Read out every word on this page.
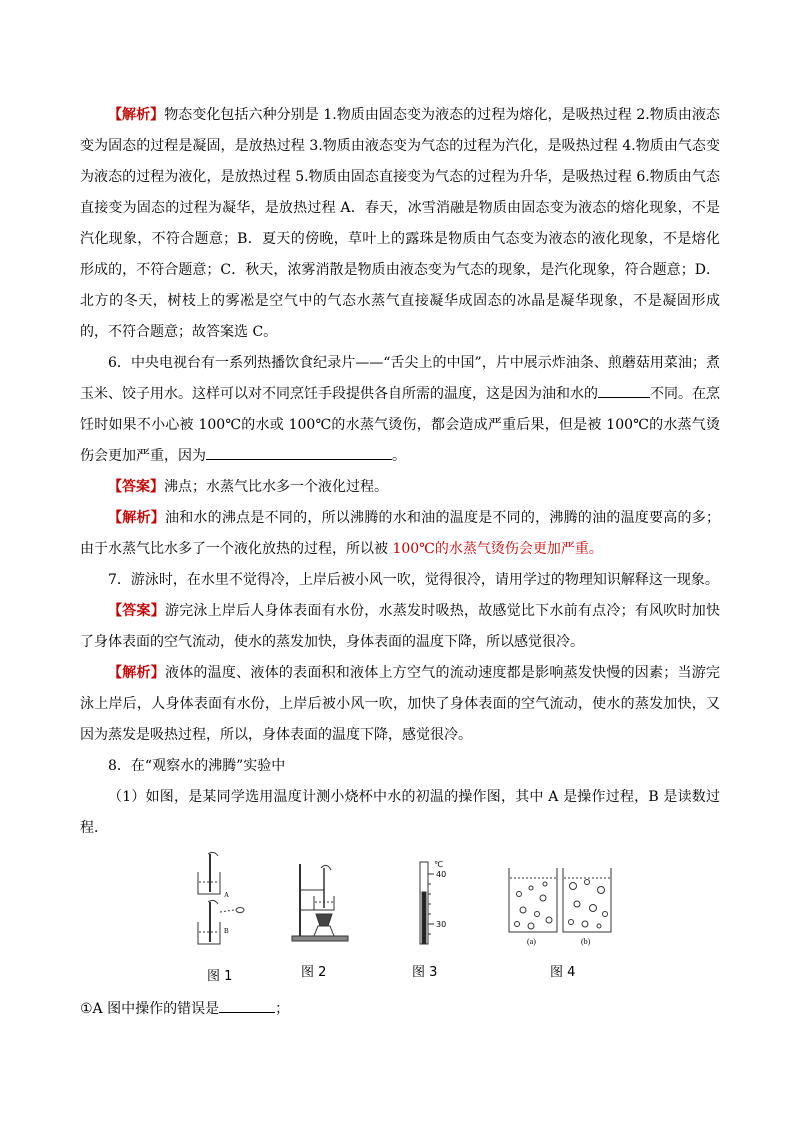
【解析】物态变化包括六种分别是 1.物质由固态变为液态的过程为熔化，是吸热过程 2.物质由液态变为固态的过程是凝固，是放热过程 3.物质由液态变为气态的过程为汽化，是吸热过程 4.物质由气态变为液态的过程为液化，是放热过程 5.物质由固态直接变为气态的过程为升华，是吸热过程 6.物质由气态直接变为固态的过程为凝华，是放热过程 A．春天，冰雪消融是物质由固态变为液态的熔化现象，不是汽化现象，不符合题意；B．夏天的傍晚，草叶上的露珠是物质由气态变为液态的液化现象，不是熔化形成的，不符合题意；C．秋天，浓雾消散是物质由液态变为气态的现象，是汽化现象，符合题意；D．北方的冬天，树枝上的雾凇是空气中的气态水蒸气直接凝华成固态的冰晶是凝华现象，不是凝固形成的，不符合题意；故答案选 C。

6．中央电视台有一系列热播饮食纪录片——“舌尖上的中国”，片中展示炸油条、煎蘑菇用菜油；煮玉米、饺子用水。这样可以对不同烹饪手段提供各自所需的温度，这是因为油和水的	不同。在烹饪时如果不小心被 100℃的水或 100℃的水蒸气烫伤，都会造成严重后果，但是被 100℃的水蒸气烫伤会更加严重，因为	。

【答案】沸点；水蒸气比水多一个液化过程。

【解析】油和水的沸点是不同的，所以沸腾的水和油的温度是不同的，沸腾的油的温度要高的多；由于水蒸气比水多了一个液化放热的过程，所以被 100℃的水蒸气烫伤会更加严重。

7．游泳时，在水里不觉得冷，上岸后被小风一吹，觉得很冷，请用学过的物理知识解释这一现象。

【答案】游完泳上岸后人身体表面有水份，水蒸发时吸热，故感觉比下水前有点冷；有风吹时加快了身体表面的空气流动，使水的蒸发加快，身体表面的温度下降，所以感觉很冷。

【解析】液体的温度、液体的表面积和液体上方空气的流动速度都是影响蒸发快慢的因素；当游完泳上岸后，人身体表面有水份，上岸后被小风一吹，加快了身体表面的空气流动，使水的蒸发加快，又因为蒸发是吸热过程，所以，身体表面的温度下降，感觉很冷。

8．在“观察水的沸腾”实验中

（1）如图，是某同学选用温度计测小烧杯中水的初温的操作图，其中 A 是操作过程，B 是读数过程．

A
B
℃
40
30
(a)	(b)
图 1	图 2	图 3	图 4

①A 图中操作的错误是	；
